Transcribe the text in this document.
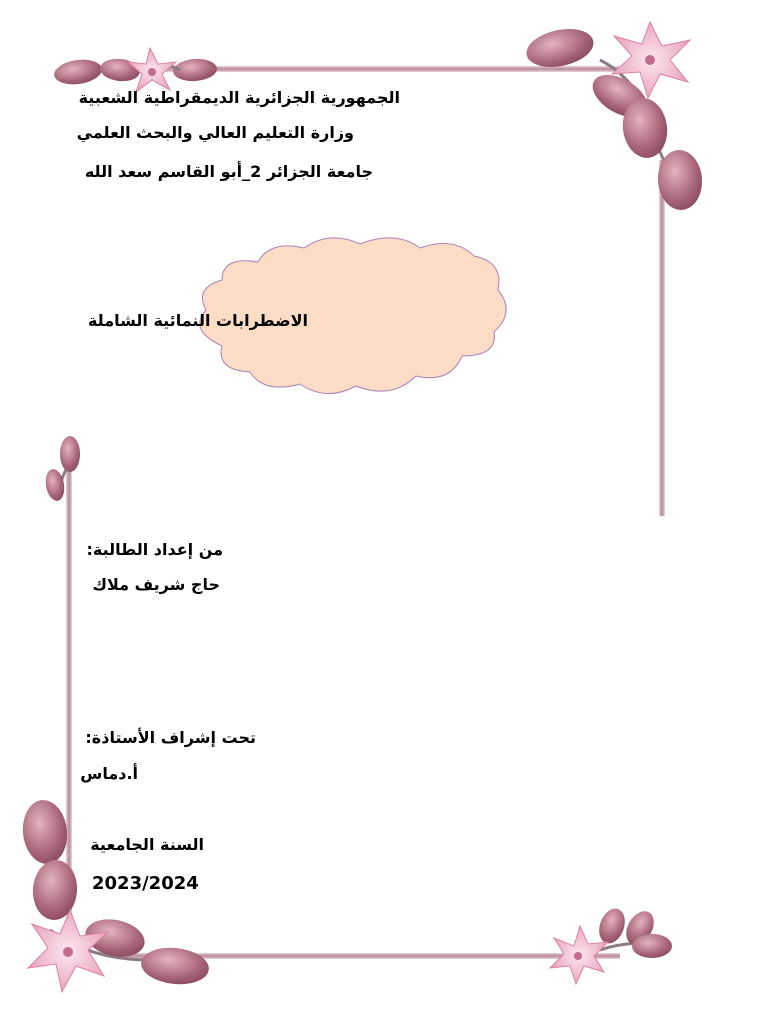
الجمهورية الجزائرية الديمقراطية الشعبية
وزارة التعليم العالي والبحث العلمي
جامعة الجزائر 2_أبو القاسم سعد الله
الاضطرابات النمائية الشاملة
من إعداد الطالبة:
حاج شريف ملاك
تحت إشراف الأستاذة:
أ.دماس
السنة الجامعية
2023/2024
